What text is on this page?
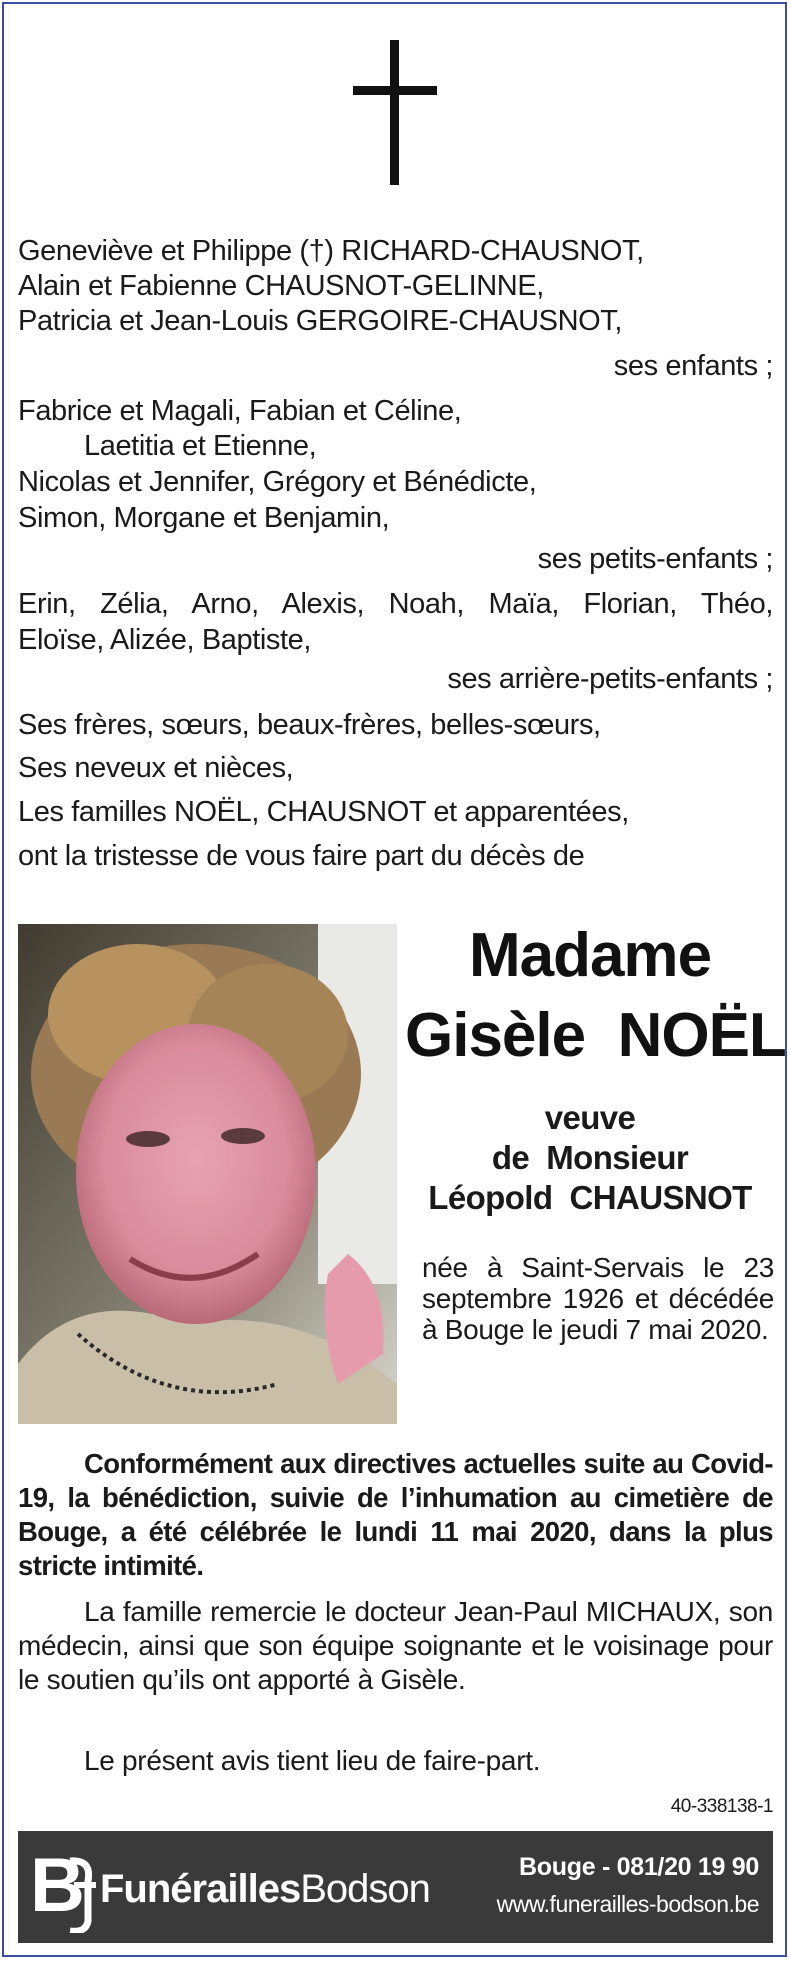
Geneviève et Philippe (†) RICHARD-CHAUSNOT,
Alain et Fabienne CHAUSNOT-GELINNE,
Patricia et Jean-Louis GERGOIRE-CHAUSNOT,
ses enfants ;
Fabrice et Magali, Fabian et Céline,
Laetitia et Etienne,
Nicolas et Jennifer, Grégory et Bénédicte,
Simon, Morgane et Benjamin,
ses petits-enfants ;
Erin, Zélia, Arno, Alexis, Noah, Maïa, Florian, Théo,
Eloïse, Alizée, Baptiste,
ses arrière-petits-enfants ;
Ses frères, sœurs, beaux-frères, belles-sœurs,
Ses neveux et nièces,
Les familles NOËL, CHAUSNOT et apparentées,
ont la tristesse de vous faire part du décès de
Madame
Gisèle  NOËL
veuve
de  Monsieur
Léopold  CHAUSNOT
née à Saint-Servais le 23 septembre 1926 et décédée à Bouge le jeudi 7 mai 2020.
Conformément aux directives actuelles suite au Covid-19, la bénédiction, suivie de l’inhumation au cimetière de Bouge, a été célébrée le lundi 11 mai 2020, dans la plus stricte intimité.
La famille remercie le docteur Jean-Paul MICHAUX, son médecin, ainsi que son équipe soignante et le voisinage pour le soutien qu’ils ont apporté à Gisèle.
Le présent avis tient lieu de faire-part.
40-338138-1
B FunéraillesBodson	Bouge - 081/20 19 90
www.funerailles-bodson.be
